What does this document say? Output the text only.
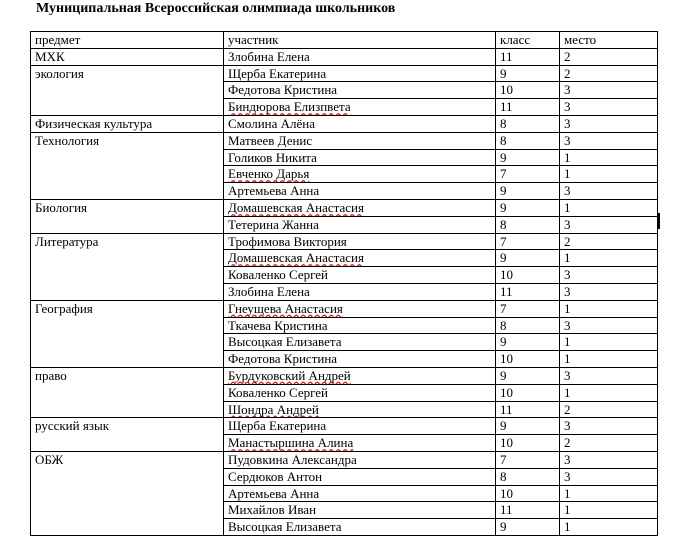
Муниципальная Всероссийская олимпиада школьников
предмет	участник	класс	место
МХК	Злобина Елена	11	2
экология	Щерба Екатерина	9	2
	Федотова Кристина	10	3
	Биндюрова Елизпвета	11	3
Физическая культура	Смолина Алёна	8	3
Технология	Матвеев Денис	8	3
	Голиков Никита	9	1
	Евченко Дарья	7	1
	Артемьева Анна	9	3
Биология	Домашевская Анастасия	9	1
	Тетерина Жанна	8	3
Литература	Трофимова Виктория	7	2
	Домашевская Анастасия	9	1
	Коваленко Сергей	10	3
	Злобина Елена	11	3
География	Гнеущева Анастасия	7	1
	Ткачева Кристина	8	3
	Высоцкая Елизавета	9	1
	Федотова Кристина	10	1
право	Бурдуковский Андрей	9	3
	Коваленко Сергей	10	1
	Шондра Андрей	11	2
русский язык	Щерба Екатерина	9	3
	Манастыршина Алина	10	2
ОБЖ	Пудовкина Александра	7	3
	Сердюков Антон	8	3
	Артемьева Анна	10	1
	Михайлов Иван	11	1
	Высоцкая Елизавета	9	1
